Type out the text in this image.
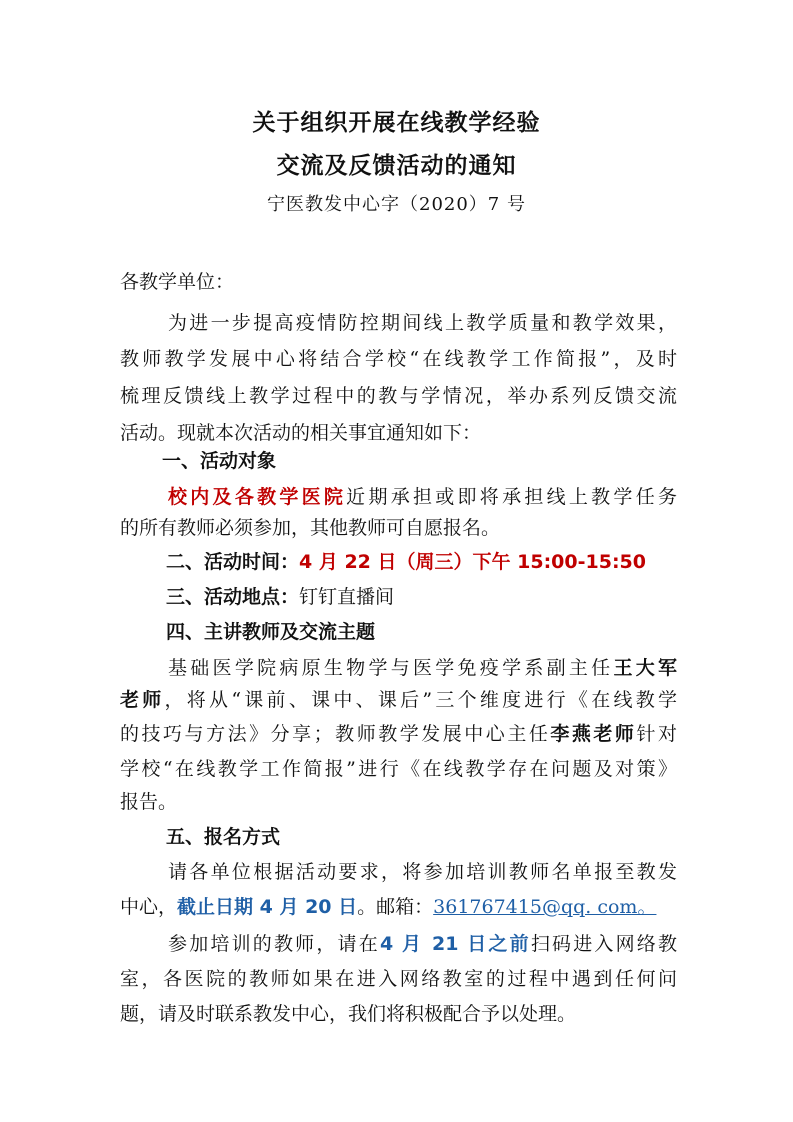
关于组织开展在线教学经验
交流及反馈活动的通知
宁医教发中心字（2020）7 号
各教学单位：
为进一步提高疫情防控期间线上教学质量和教学效果，
教师教学发展中心将结合学校“在线教学工作简报”，及时
梳理反馈线上教学过程中的教与学情况，举办系列反馈交流
活动。现就本次活动的相关事宜通知如下：
一、活动对象
校内及各教学医院近期承担或即将承担线上教学任务
的所有教师必须参加，其他教师可自愿报名。
二、活动时间：4 月 22 日（周三）下午 15:00-15:50
三、活动地点：钉钉直播间
四、主讲教师及交流主题
基础医学院病原生物学与医学免疫学系副主任王大军
老师，将从“课前、课中、课后”三个维度进行《在线教学
的技巧与方法》分享；教师教学发展中心主任李燕老师针对
学校“在线教学工作简报”进行《在线教学存在问题及对策》
报告。
五、报名方式
请各单位根据活动要求，将参加培训教师名单报至教发
中心，截止日期 4 月 20 日。邮箱：361767415@qq. com。
参加培训的教师，请在4 月 21 日之前扫码进入网络教
室，各医院的教师如果在进入网络教室的过程中遇到任何问
题，请及时联系教发中心，我们将积极配合予以处理。
